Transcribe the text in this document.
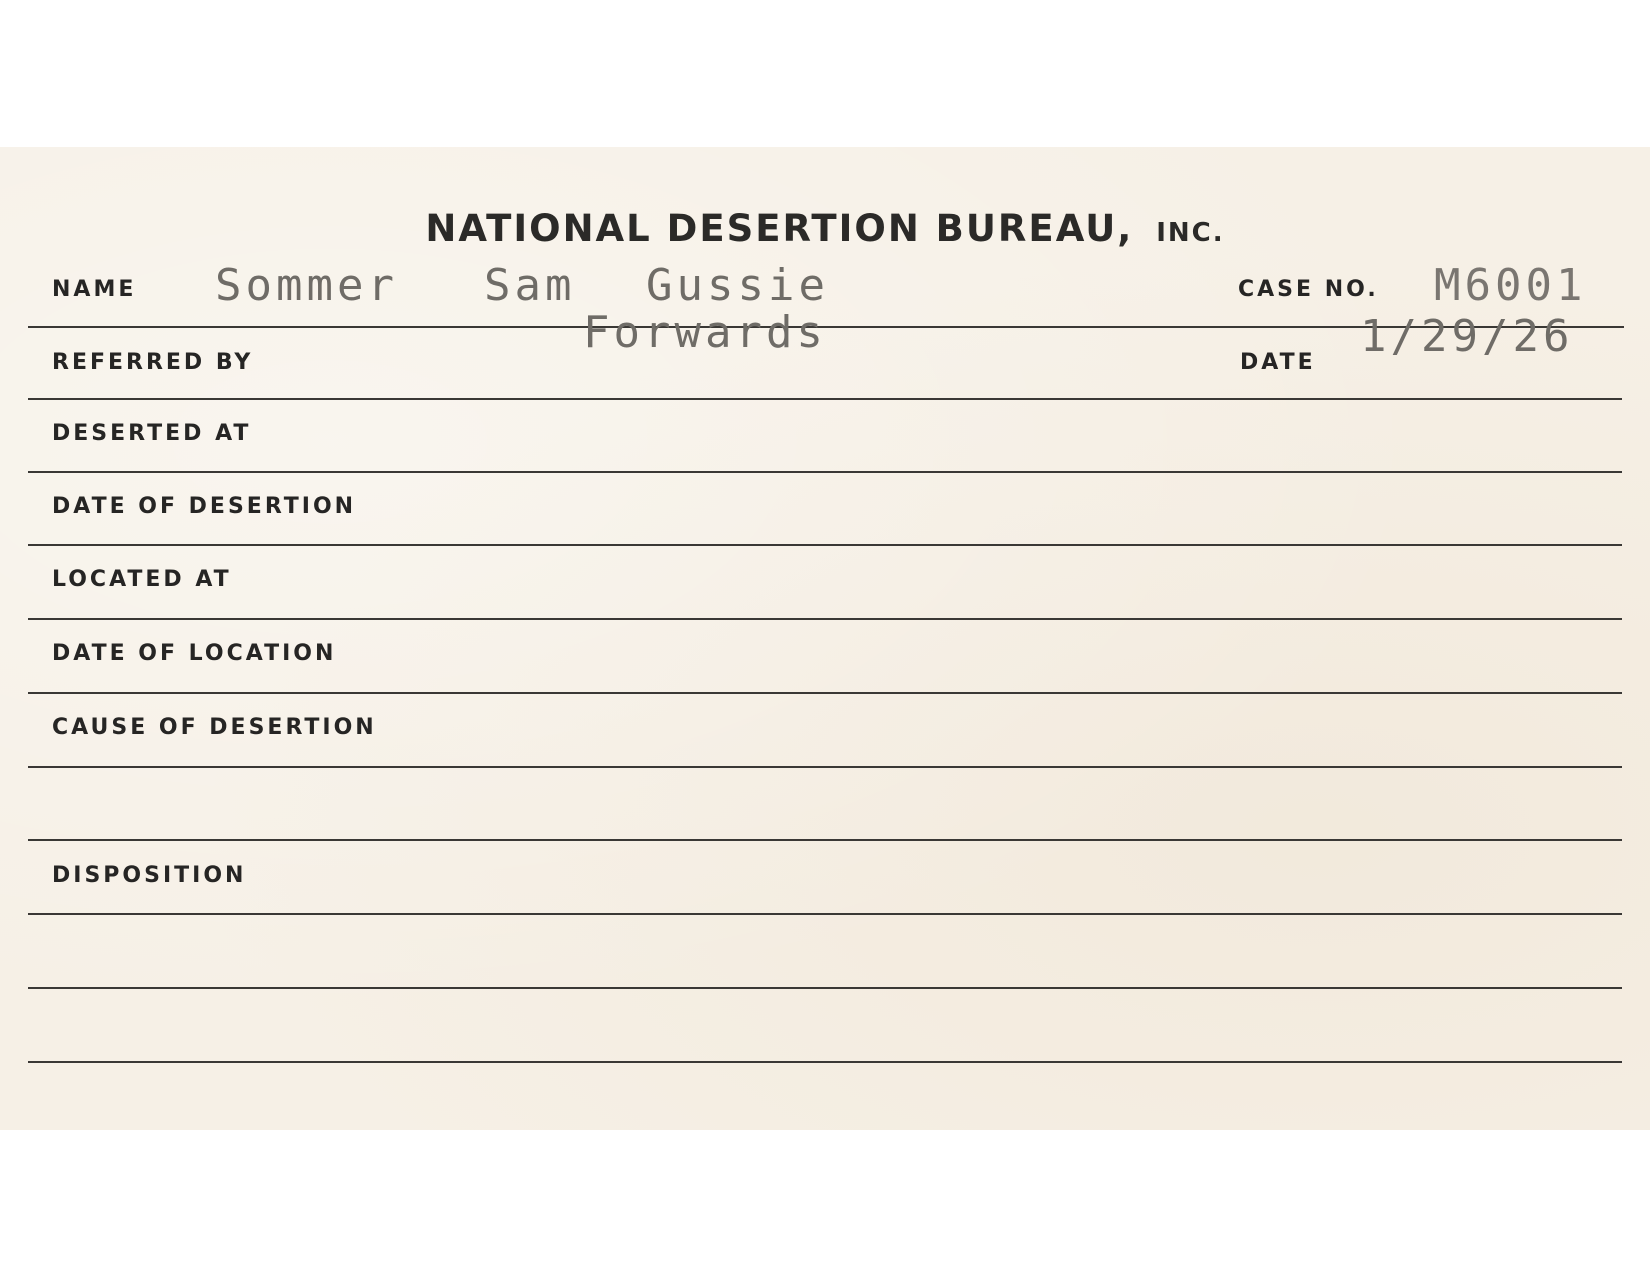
NATIONAL DESERTION BUREAU, INC.
NAME Sommer Sam Gussie	CASE NO. M6001
REFERRED BY
Forwards
DATE
1/29/26
DESERTED AT
DATE OF DESERTION
LOCATED AT
DATE OF LOCATION
CAUSE OF DESERTION
DISPOSITION
